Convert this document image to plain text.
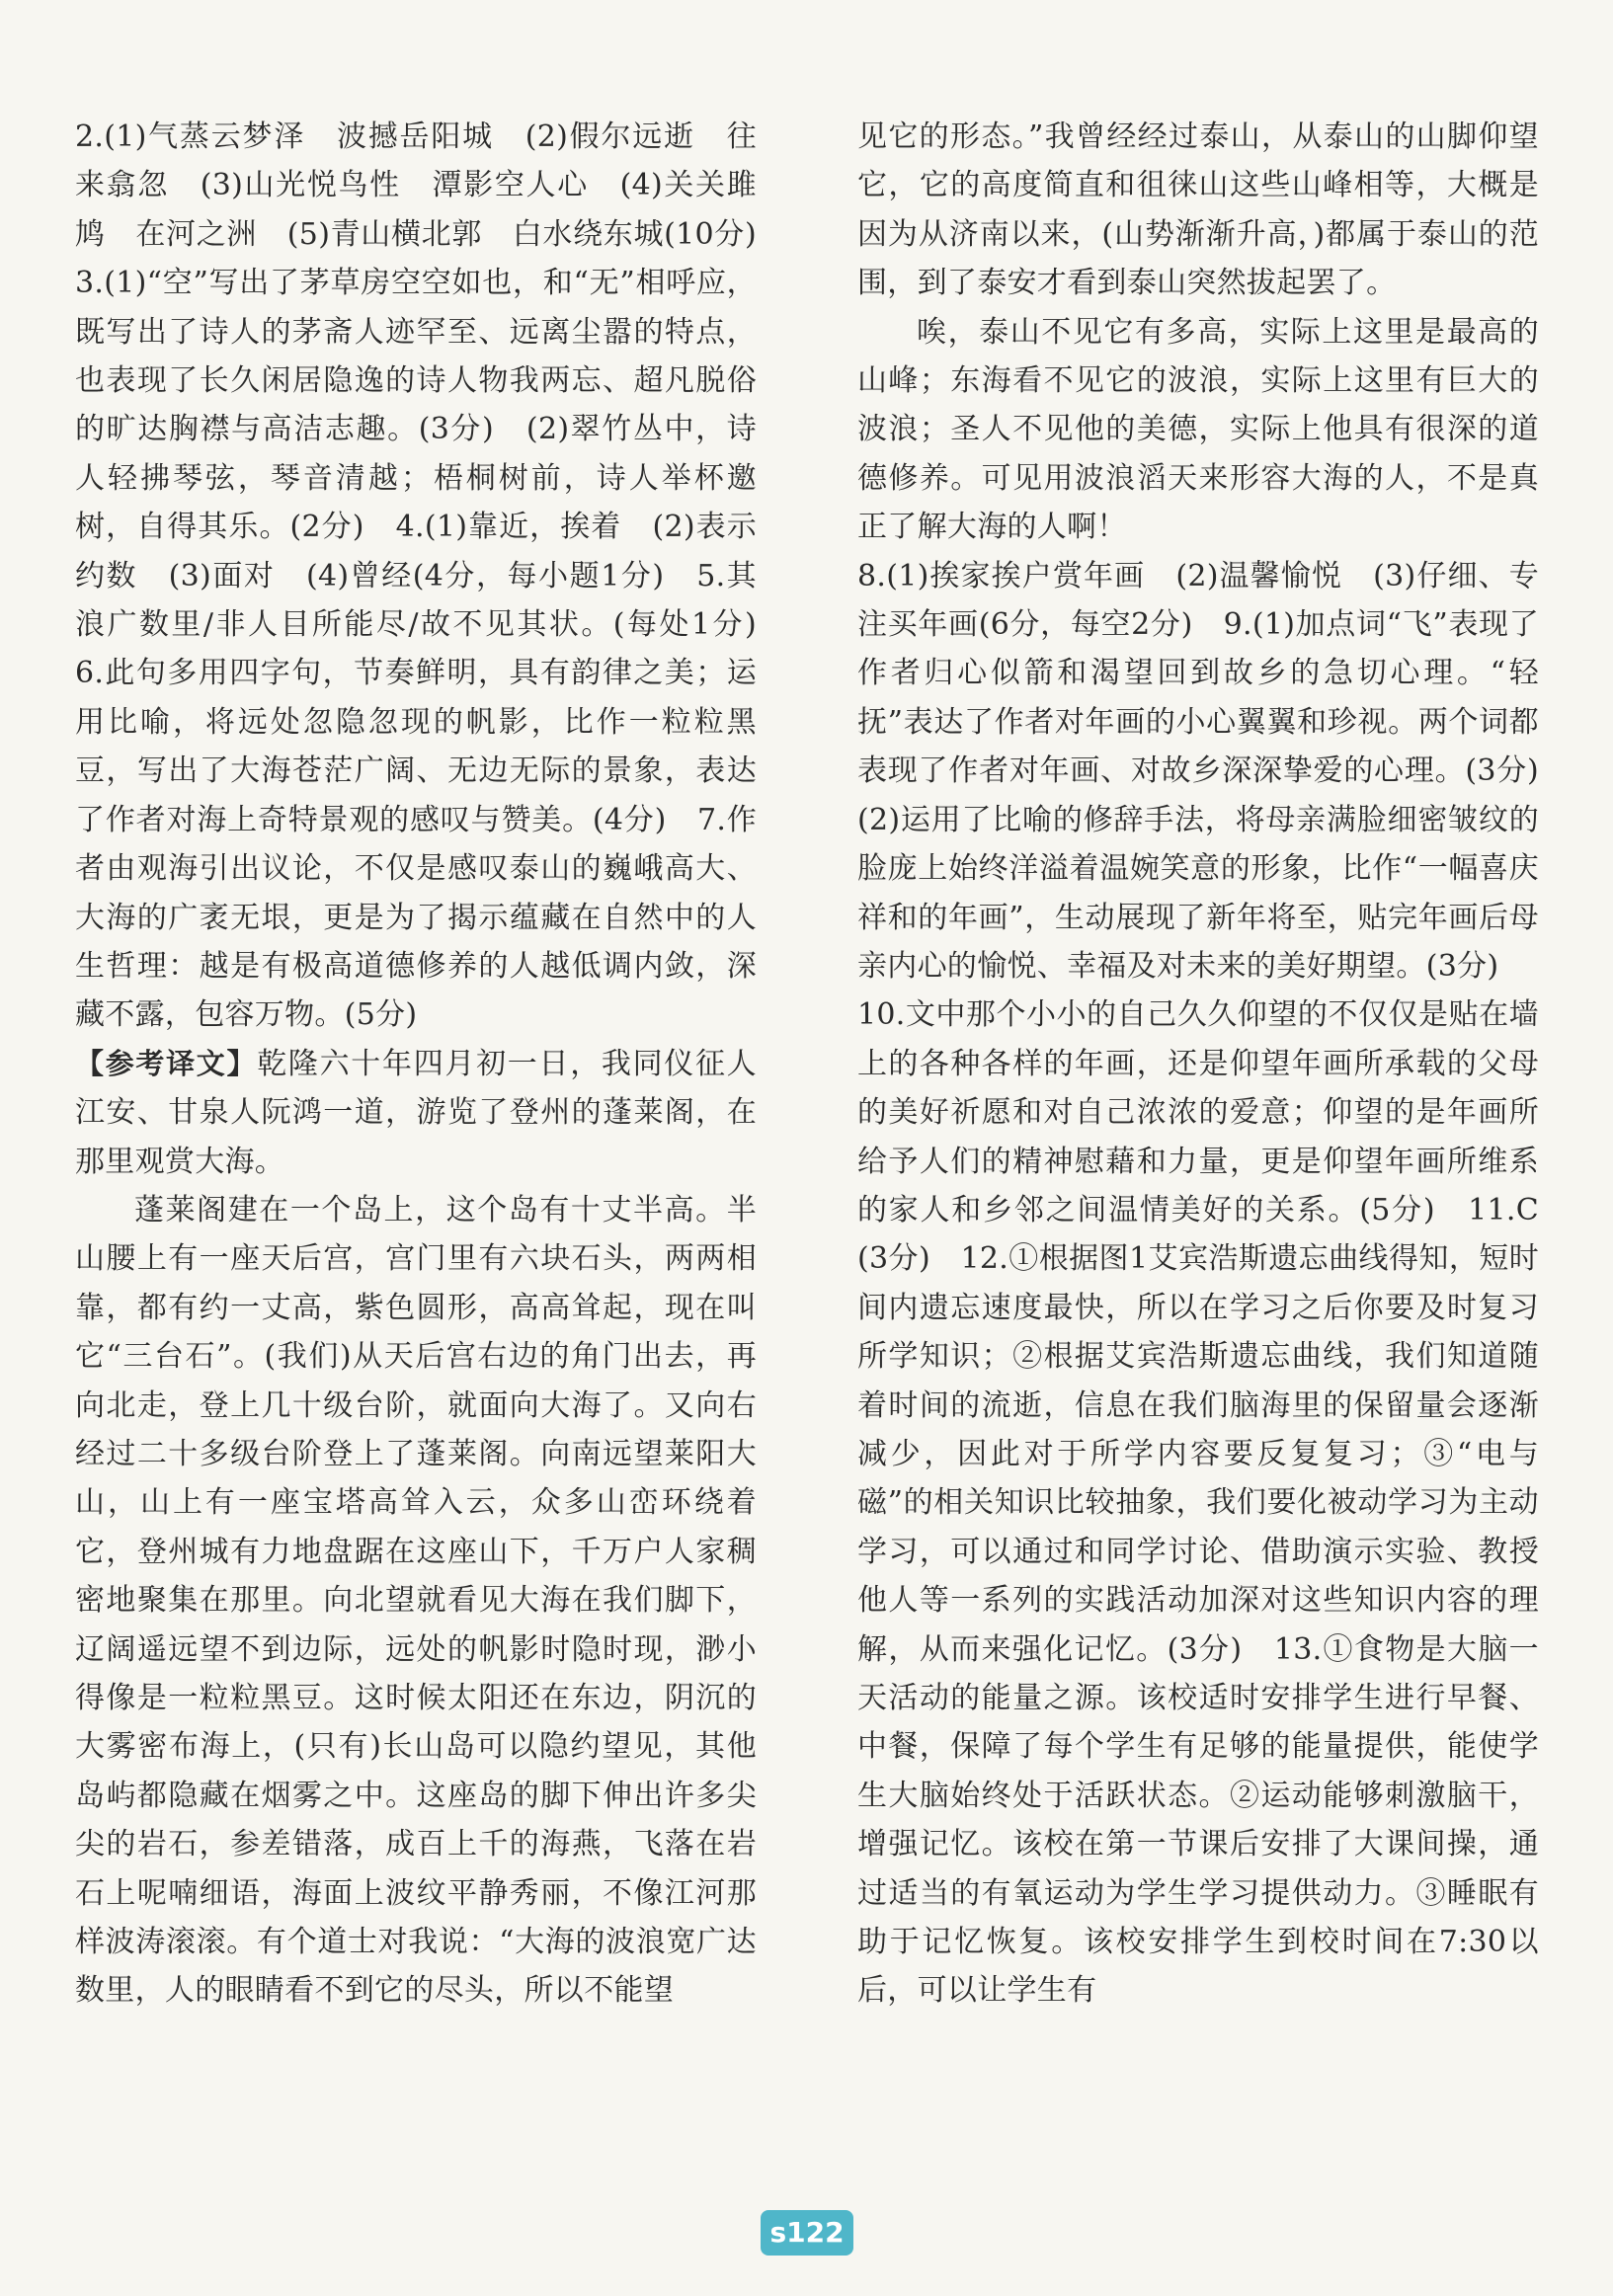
2.(1)气蒸云梦泽　波撼岳阳城　(2)假尔远逝　往来翕忽　(3)山光悦鸟性　潭影空人心　(4)关关雎鸠　在河之洲　(5)青山横北郭　白水绕东城(10分)　3.(1)“空”写出了茅草房空空如也，和“无”相呼应，既写出了诗人的茅斋人迹罕至、远离尘嚣的特点，也表现了长久闲居隐逸的诗人物我两忘、超凡脱俗的旷达胸襟与高洁志趣。(3分)　(2)翠竹丛中，诗人轻拂琴弦，琴音清越；梧桐树前，诗人举杯邀树，自得其乐。(2分)　4.(1)靠近，挨着　(2)表示约数　(3)面对　(4)曾经(4分，每小题1分)　5.其浪广数里/非人目所能尽/故不见其状。(每处1分)　6.此句多用四字句，节奏鲜明，具有韵律之美；运用比喻，将远处忽隐忽现的帆影，比作一粒粒黑豆，写出了大海苍茫广阔、无边无际的景象，表达了作者对海上奇特景观的感叹与赞美。(4分)　7.作者由观海引出议论，不仅是感叹泰山的巍峨高大、大海的广袤无垠，更是为了揭示蕴藏在自然中的人生哲理：越是有极高道德修养的人越低调内敛，深藏不露，包容万物。(5分)

【参考译文】乾隆六十年四月初一日，我同仪征人江安、甘泉人阮鸿一道，游览了登州的蓬莱阁，在那里观赏大海。

蓬莱阁建在一个岛上，这个岛有十丈半高。半山腰上有一座天后宫，宫门里有六块石头，两两相靠，都有约一丈高，紫色圆形，高高耸起，现在叫它“三台石”。(我们)从天后宫右边的角门出去，再向北走，登上几十级台阶，就面向大海了。又向右经过二十多级台阶登上了蓬莱阁。向南远望莱阳大山，山上有一座宝塔高耸入云，众多山峦环绕着它，登州城有力地盘踞在这座山下，千万户人家稠密地聚集在那里。向北望就看见大海在我们脚下，辽阔遥远望不到边际，远处的帆影时隐时现，渺小得像是一粒粒黑豆。这时候太阳还在东边，阴沉的大雾密布海上，(只有)长山岛可以隐约望见，其他岛屿都隐藏在烟雾之中。这座岛的脚下伸出许多尖尖的岩石，参差错落，成百上千的海燕，飞落在岩石上呢喃细语，海面上波纹平静秀丽，不像江河那样波涛滚滚。有个道士对我说：“大海的波浪宽广达数里，人的眼睛看不到它的尽头，所以不能望

见它的形态。”我曾经经过泰山，从泰山的山脚仰望它，它的高度简直和徂徕山这些山峰相等，大概是因为从济南以来，(山势渐渐升高，)都属于泰山的范围，到了泰安才看到泰山突然拔起罢了。

唉，泰山不见它有多高，实际上这里是最高的山峰；东海看不见它的波浪，实际上这里有巨大的波浪；圣人不见他的美德，实际上他具有很深的道德修养。可见用波浪滔天来形容大海的人，不是真正了解大海的人啊！

8.(1)挨家挨户赏年画　(2)温馨愉悦　(3)仔细、专注买年画(6分，每空2分)　9.(1)加点词“飞”表现了作者归心似箭和渴望回到故乡的急切心理。“轻抚”表达了作者对年画的小心翼翼和珍视。两个词都表现了作者对年画、对故乡深深挚爱的心理。(3分)　(2)运用了比喻的修辞手法，将母亲满脸细密皱纹的脸庞上始终洋溢着温婉笑意的形象，比作“一幅喜庆祥和的年画”，生动展现了新年将至，贴完年画后母亲内心的愉悦、幸福及对未来的美好期望。(3分)

10.文中那个小小的自己久久仰望的不仅仅是贴在墙上的各种各样的年画，还是仰望年画所承载的父母的美好祈愿和对自己浓浓的爱意；仰望的是年画所给予人们的精神慰藉和力量，更是仰望年画所维系的家人和乡邻之间温情美好的关系。(5分)　11.C(3分)　12.①根据图1艾宾浩斯遗忘曲线得知，短时间内遗忘速度最快，所以在学习之后你要及时复习所学知识；②根据艾宾浩斯遗忘曲线，我们知道随着时间的流逝，信息在我们脑海里的保留量会逐渐减少，因此对于所学内容要反复复习；③“电与磁”的相关知识比较抽象，我们要化被动学习为主动学习，可以通过和同学讨论、借助演示实验、教授他人等一系列的实践活动加深对这些知识内容的理解，从而来强化记忆。(3分)　13.①食物是大脑一天活动的能量之源。该校适时安排学生进行早餐、中餐，保障了每个学生有足够的能量提供，能使学生大脑始终处于活跃状态。②运动能够刺激脑干，增强记忆。该校在第一节课后安排了大课间操，通过适当的有氧运动为学生学习提供动力。③睡眠有助于记忆恢复。该校安排学生到校时间在7:30以后，可以让学生有

s122
